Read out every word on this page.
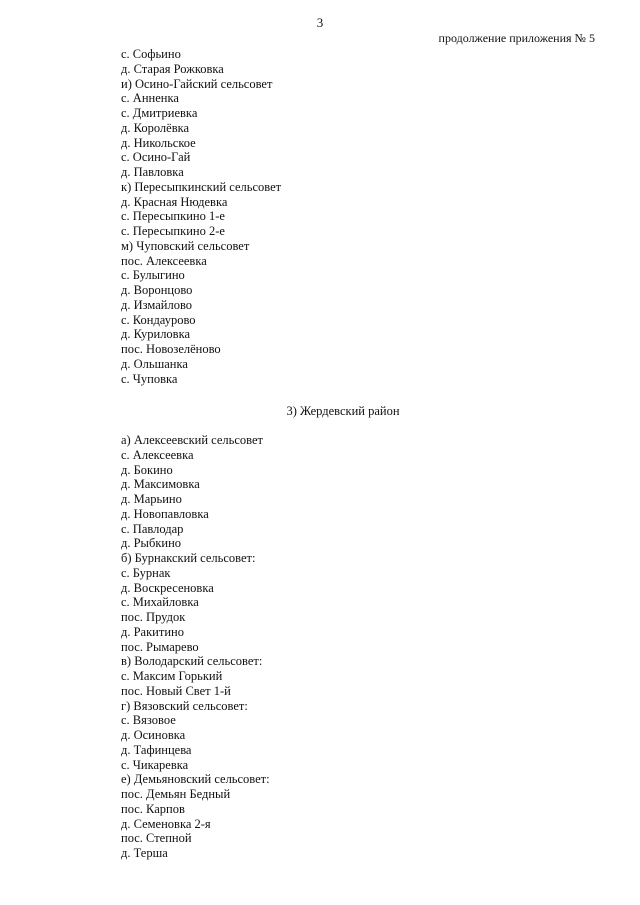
3
продолжение приложения № 5
с. Софьино
д. Старая Рожковка
и) Осино-Гайский сельсовет
с. Анненка
с. Дмитриевка
д. Королёвка
д. Никольское
с. Осино-Гай
д. Павловка
к) Пересыпкинский сельсовет
д. Красная Нюдевка
с. Пересыпкино 1-е
с. Пересыпкино 2-е
м) Чуповский сельсовет
пос. Алексеевка
с. Булыгино
д. Воронцово
д. Измайлово
с. Кондаурово
д. Куриловка
пос. Новозелёново
д. Ольшанка
с. Чуповка
3) Жердевский район
а) Алексеевский сельсовет
с. Алексеевка
д. Бокино
д. Максимовка
д. Марьино
д. Новопавловка
с. Павлодар
д. Рыбкино
б) Бурнакский сельсовет:
с. Бурнак
д. Воскресеновка
с. Михайловка
пос. Прудок
д. Ракитино
пос. Рымарево
в) Володарский сельсовет:
с. Максим Горький
пос. Новый Свет 1-й
г) Вязовский сельсовет:
с. Вязовое
д. Осиновка
д. Тафинцева
с. Чикаревка
е) Демьяновский сельсовет:
пос. Демьян Бедный
пос. Карпов
д. Семеновка 2-я
пос. Степной
д. Терша
